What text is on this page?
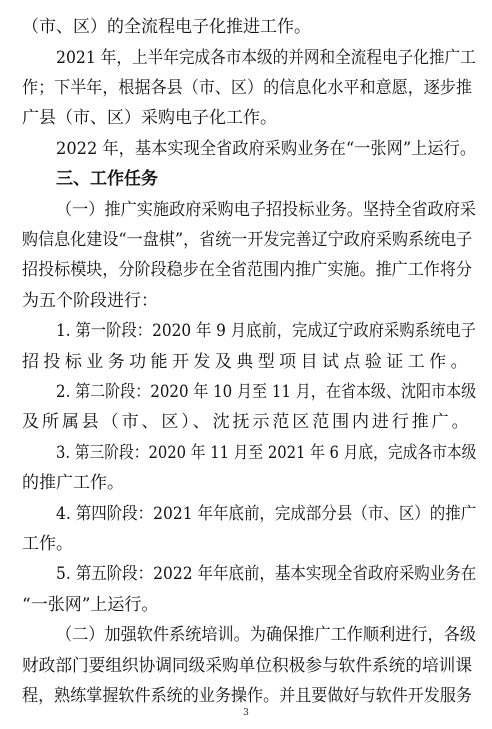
（市、区）的全流程电子化推进工作。
2021 年，上半年完成各市本级的并网和全流程电子化推广工
作；下半年，根据各县（市、区）的信息化水平和意愿，逐步推
广县（市、区）采购电子化工作。
2022 年，基本实现全省政府采购业务在“一张网”上运行。
三、工作任务
（一）推广实施政府采购电子招投标业务。坚持全省政府采
购信息化建设“一盘棋”，省统一开发完善辽宁政府采购系统电子
招投标模块，分阶段稳步在全省范围内推广实施。推广工作将分
为五个阶段进行：
1. 第一阶段：2020 年 9 月底前，完成辽宁政府采购系统电子
招投标业务功能开发及典型项目试点验证工作。
2. 第二阶段：2020 年 10 月至 11 月，在省本级、沈阳市本级
及所属县（市、区）、沈抚示范区范围内进行推广。
3. 第三阶段：2020 年 11 月至 2021 年 6 月底，完成各市本级
的推广工作。
4. 第四阶段：2021 年年底前，完成部分县（市、区）的推广
工作。
5. 第五阶段：2022 年年底前，基本实现全省政府采购业务在
“一张网”上运行。
（二）加强软件系统培训。为确保推广工作顺利进行，各级
财政部门要组织协调同级采购单位积极参与软件系统的培训课
程，熟练掌握软件系统的业务操作。并且要做好与软件开发服务
3
